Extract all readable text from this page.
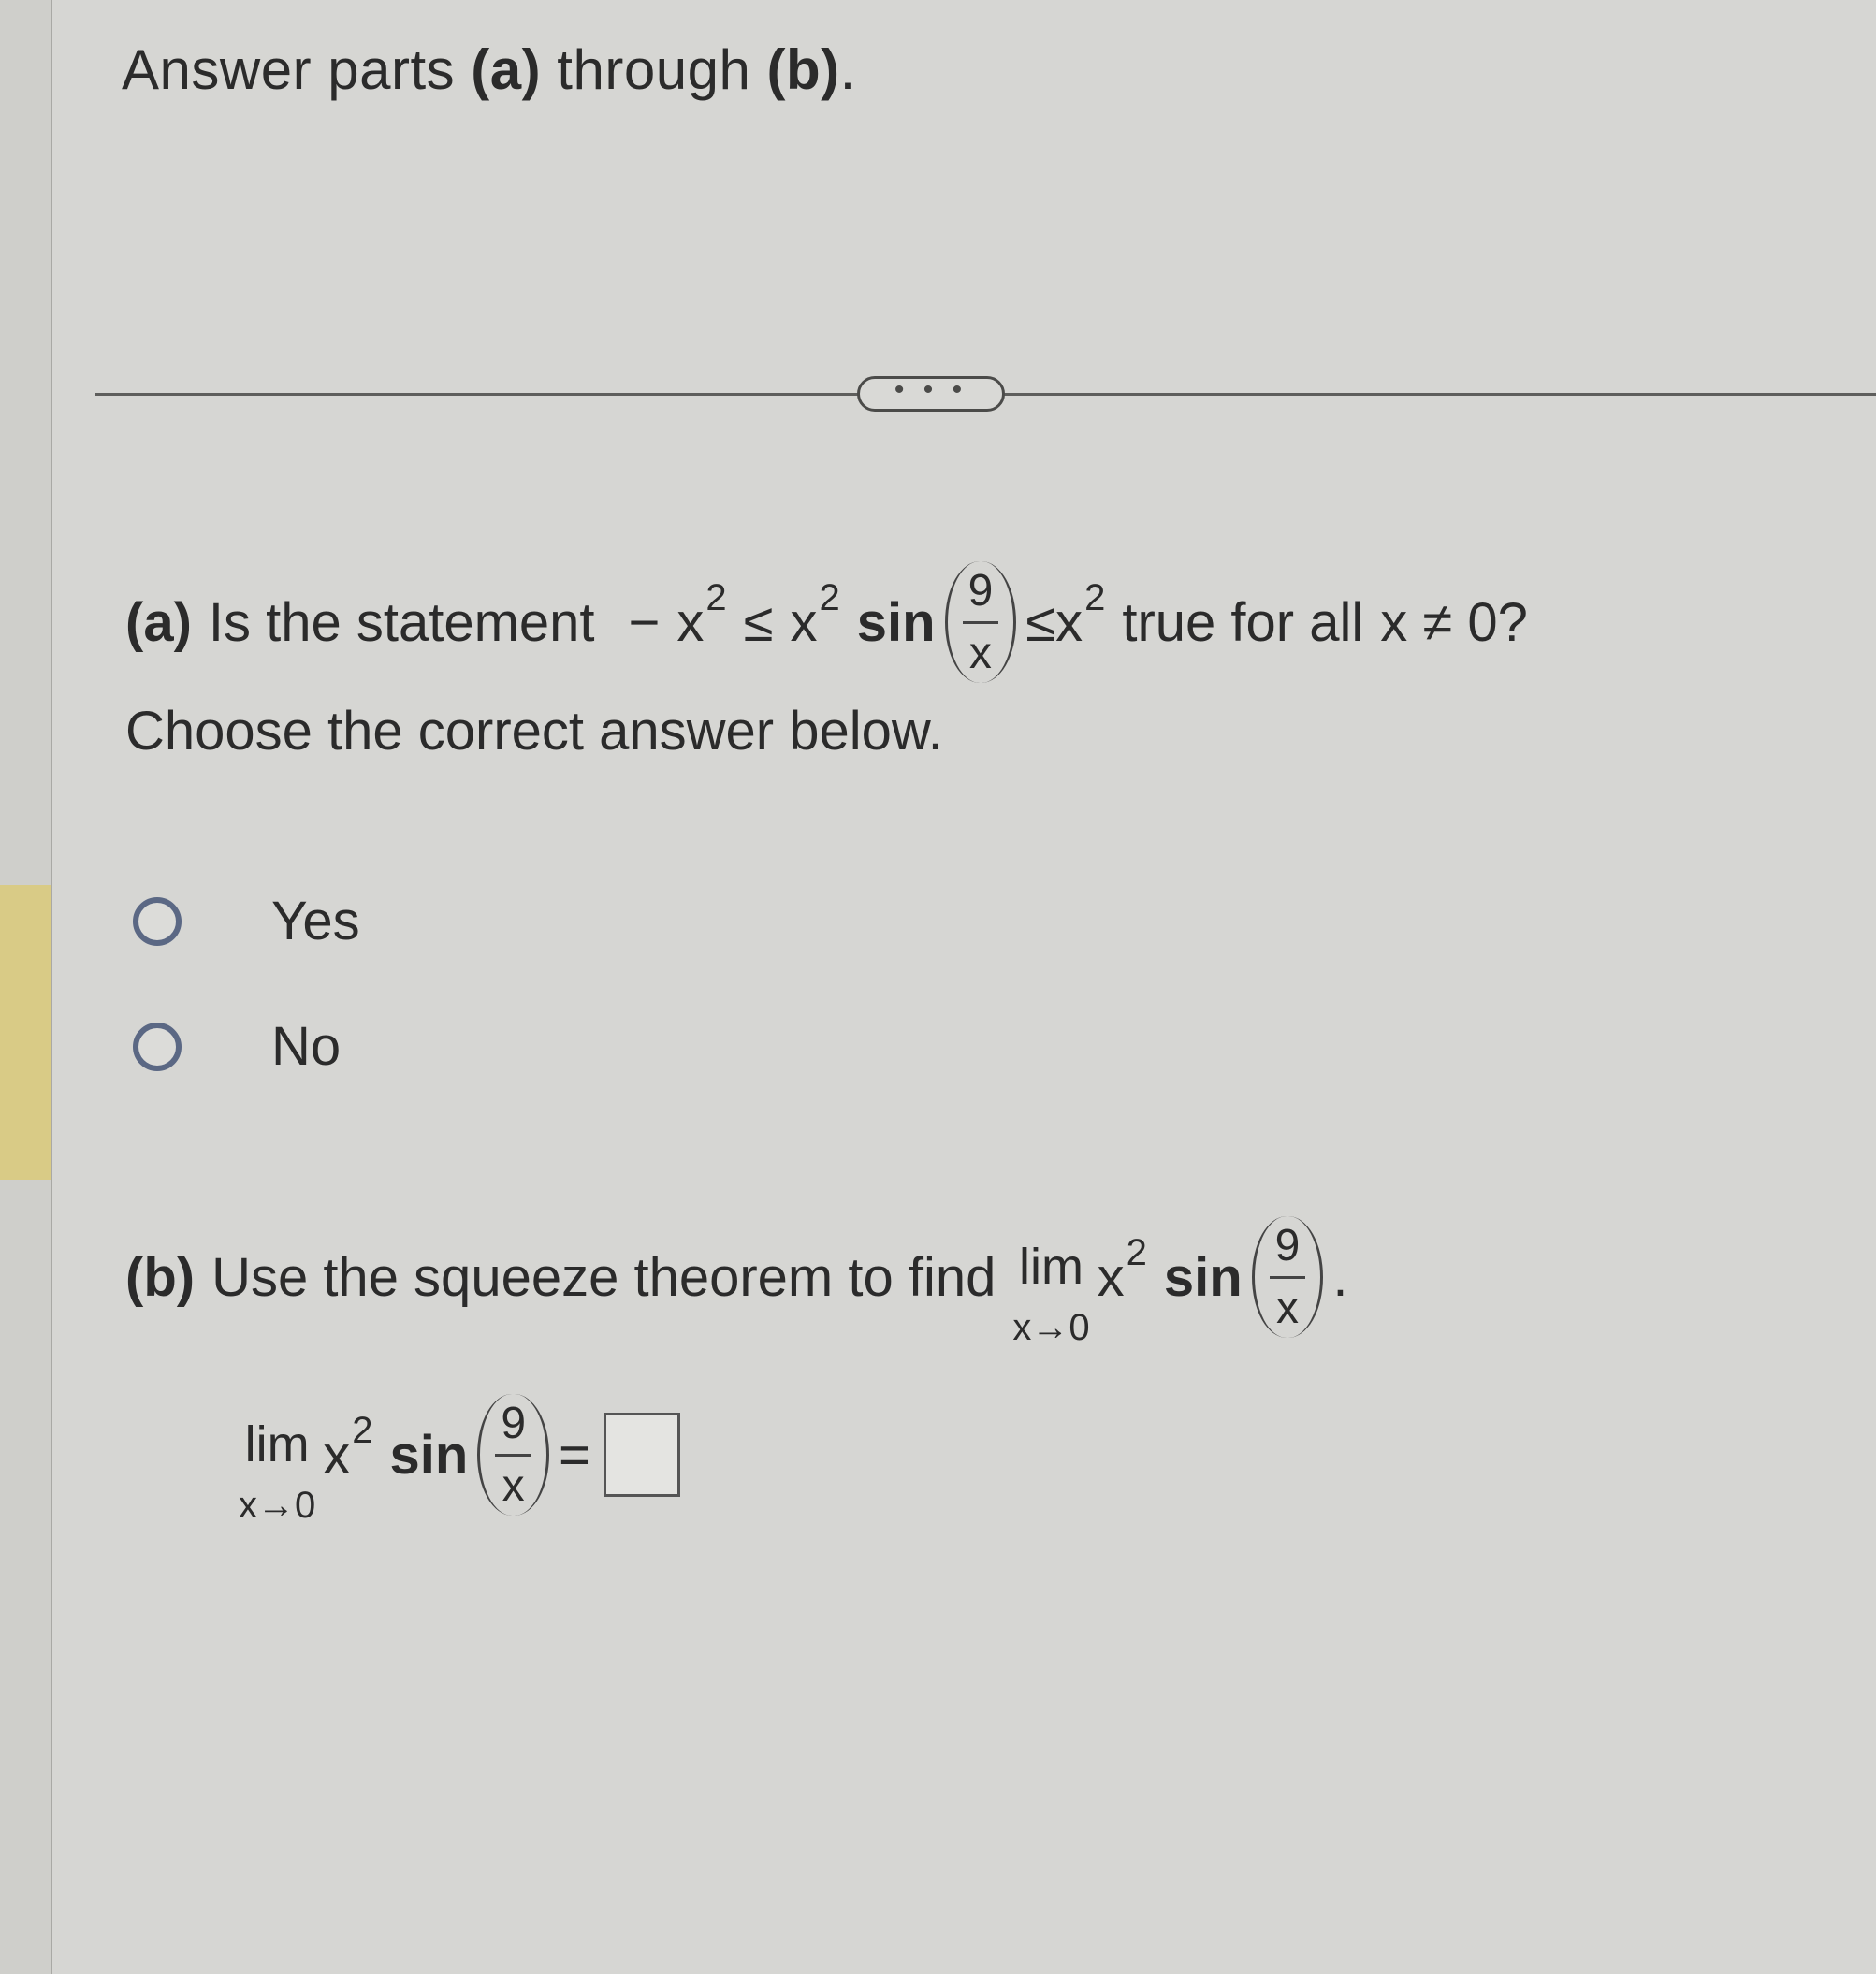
Answer parts (a) through (b).
• • •
(a) Is the statement − x 2 ≤ x 2 $\sin \frac{9}{x} \le x$ 2 true for all x ≠ 0?
Choose the correct answer below.
Yes
No
(b) Use the squeeze theorem to find lim
x→0
x 2 $\sin \frac{9}{x}$ .
lim
x→0
x 2 $\sin \frac{9}{x}$ =
